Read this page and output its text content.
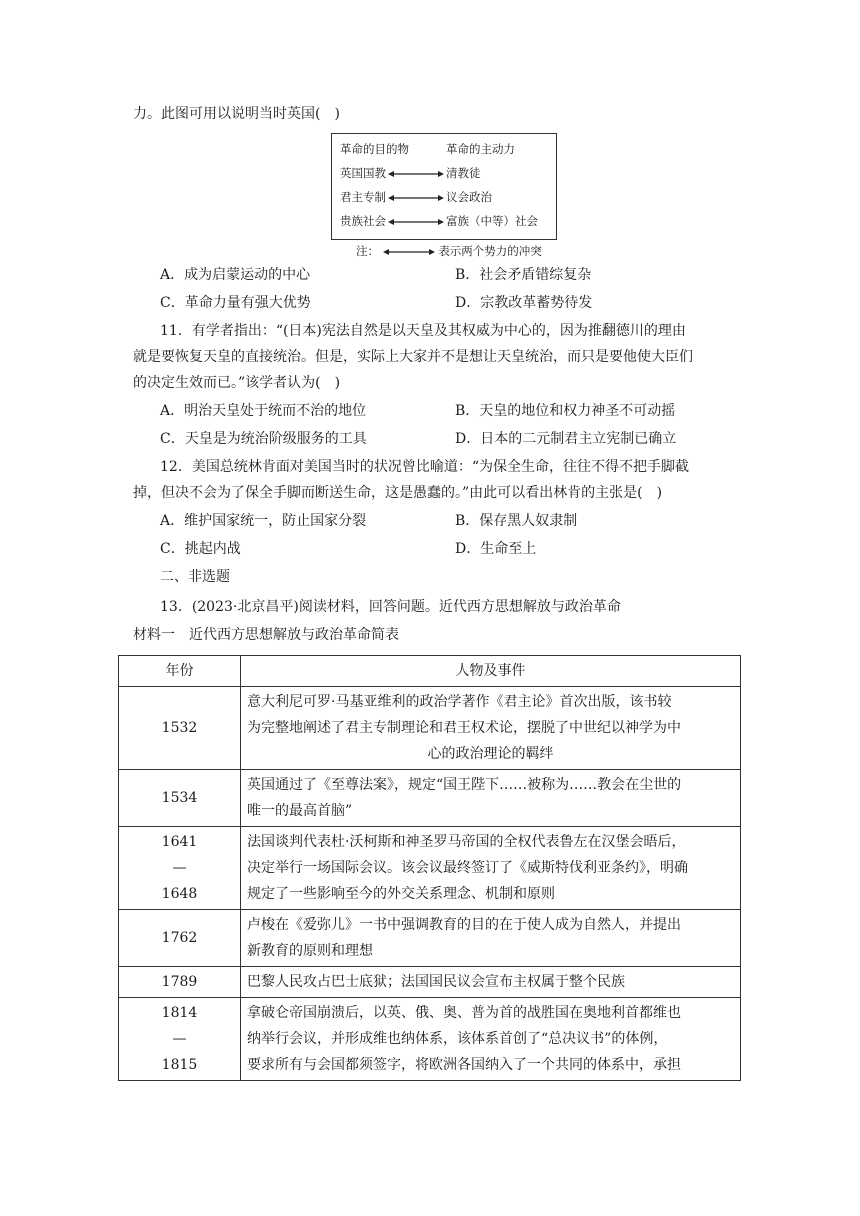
力。此图可用以说明当时英国(　)
革命的目的物	革命的主动力
英国国教	清教徒
君主专制	议会政治
贵族社会	富族（中等）社会
注：	表示两个势力的冲突
A．成为启蒙运动的中心	B．社会矛盾错综复杂
C．革命力量有强大优势	D．宗教改革蓄势待发
11．有学者指出：“(日本)宪法自然是以天皇及其权威为中心的，因为推翻德川的理由
就是要恢复天皇的直接统治。但是，实际上大家并不是想让天皇统治，而只是要他使大臣们
的决定生效而已。”该学者认为(　)
A．明治天皇处于统而不治的地位	B．天皇的地位和权力神圣不可动摇
C．天皇是为统治阶级服务的工具	D．日本的二元制君主立宪制已确立
12．美国总统林肯面对美国当时的状况曾比喻道：“为保全生命，往往不得不把手脚截
掉，但决不会为了保全手脚而断送生命，这是愚蠢的。”由此可以看出林肯的主张是(　)
A．维护国家统一，防止国家分裂	B．保存黑人奴隶制
C．挑起内战	D．生命至上
二、非选题
13．(2023·北京昌平)阅读材料，回答问题。近代西方思想解放与政治革命
材料一　近代西方思想解放与政治革命简表
年份	人物及事件
1532	意大利尼可罗·马基亚维利的政治学著作《君主论》首次出版，该书较
为完整地阐述了君主专制理论和君王权术论，摆脱了中世纪以神学为中
心的政治理论的羁绊

1534	英国通过了《至尊法案》，规定“国王陛下……被称为……教会在尘世的
唯一的最高首脑”

1641
—
1648	法国谈判代表杜·沃柯斯和神圣罗马帝国的全权代表鲁左在汉堡会晤后，
决定举行一场国际会议。该会议最终签订了《威斯特伐利亚条约》，明确
规定了一些影响至今的外交关系理念、机制和原则

1762	卢梭在《爱弥儿》一书中强调教育的目的在于使人成为自然人，并提出
新教育的原则和理想

1789	巴黎人民攻占巴士底狱；法国国民议会宣布主权属于整个民族

1814
—
1815	拿破仑帝国崩溃后，以英、俄、奥、普为首的战胜国在奥地利首都维也
纳举行会议，并形成维也纳体系，该体系首创了“总决议书”的体例，
要求所有与会国都须签字，将欧洲各国纳入了一个共同的体系中，承担
